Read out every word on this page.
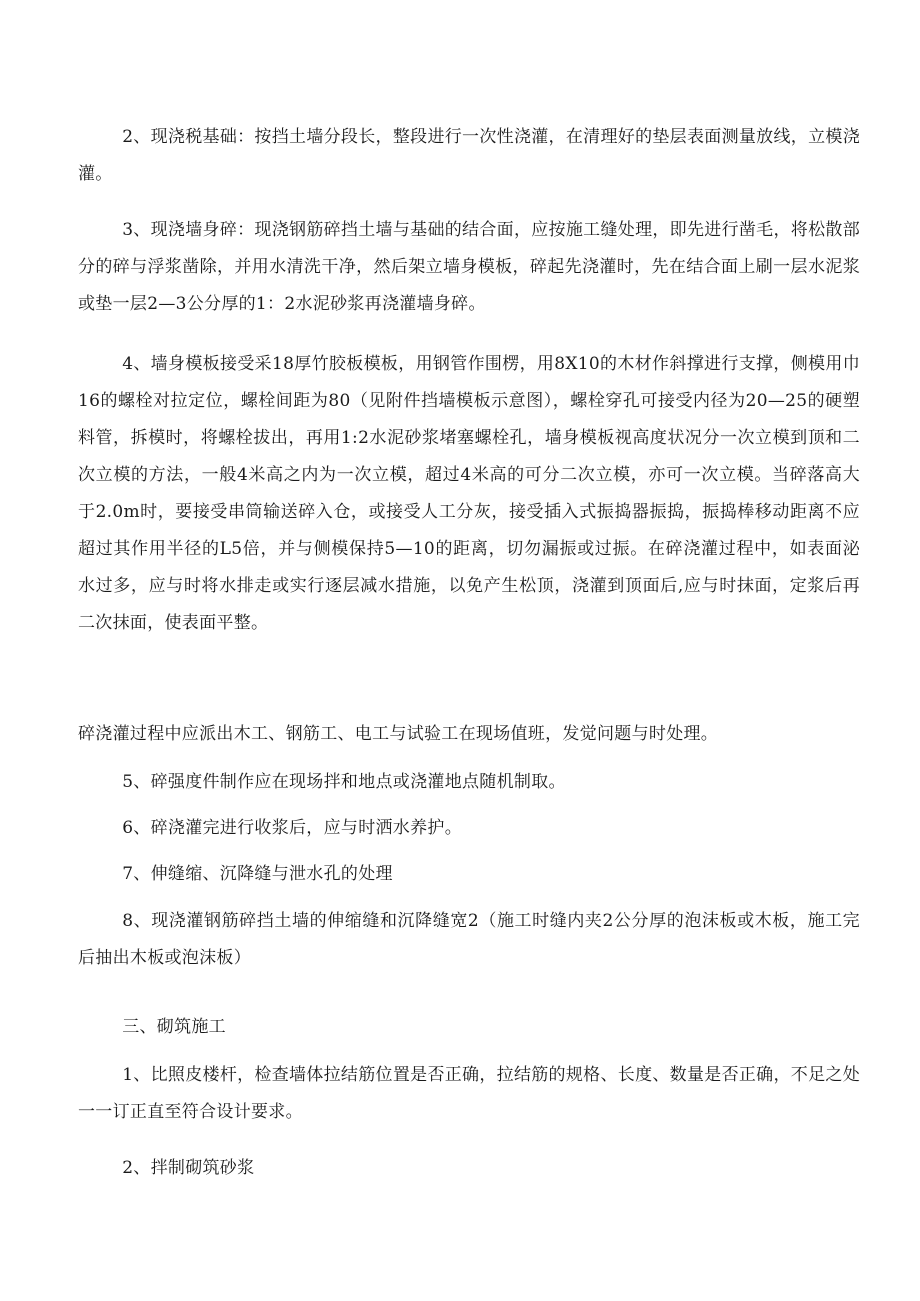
2、现浇税基础：按挡土墙分段长，整段进行一次性浇灌，在清理好的垫层表面测量放线，立模浇灌。

3、现浇墙身碎：现浇钢筋碎挡土墙与基础的结合面，应按施工缝处理，即先进行凿毛，将松散部分的碎与浮浆凿除，并用水清洗干净，然后架立墙身模板，碎起先浇灌时，先在结合面上刷一层水泥浆或垫一层2—3公分厚的1：2水泥砂浆再浇灌墙身碎。

4、墙身模板接受采18厚竹胶板模板，用钢管作围楞，用8X10的木材作斜撑进行支撑，侧模用巾16的螺栓对拉定位，螺栓间距为80（见附件挡墙模板示意图），螺栓穿孔可接受内径为20—25的硬塑料管，拆模时，将螺栓拔出，再用1:2水泥砂浆堵塞螺栓孔，墙身模板视高度状况分一次立模到顶和二次立模的方法，一般4米高之内为一次立模，超过4米高的可分二次立模，亦可一次立模。当碎落高大于2.0m时，要接受串筒输送碎入仓，或接受人工分灰，接受插入式振捣器振捣，振捣棒移动距离不应超过其作用半径的L5倍，并与侧模保持5—10的距离，切勿漏振或过振。在碎浇灌过程中，如表面泌水过多，应与时将水排走或实行逐层减水措施，以免产生松顶，浇灌到顶面后,应与时抹面，定浆后再二次抹面，使表面平整。

碎浇灌过程中应派出木工、钢筋工、电工与试验工在现场值班，发觉问题与时处理。

5、碎强度件制作应在现场拌和地点或浇灌地点随机制取。

6、碎浇灌完进行收浆后，应与时洒水养护。

7、伸缝缩、沉降缝与泄水孔的处理

8、现浇灌钢筋碎挡土墙的伸缩缝和沉降缝宽2（施工时缝内夹2公分厚的泡沫板或木板，施工完后抽出木板或泡沫板）

三、砌筑施工

1、比照皮楼杆，检查墙体拉结筋位置是否正确，拉结筋的规格、长度、数量是否正确，不足之处一一订正直至符合设计要求。

2、拌制砌筑砂浆
